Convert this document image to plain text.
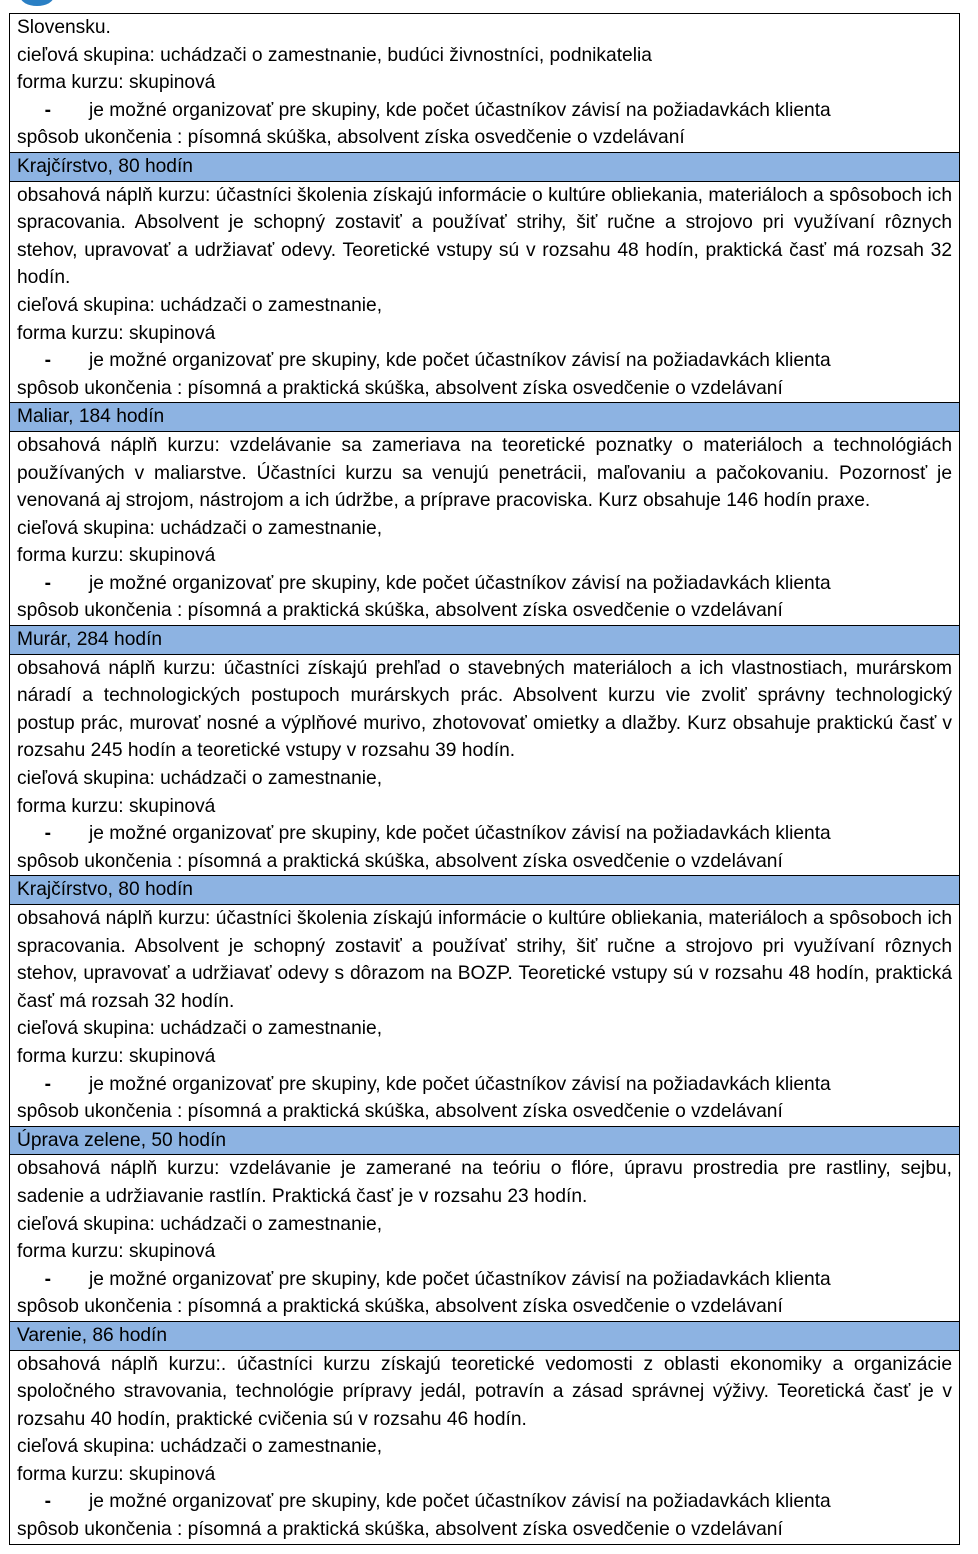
Slovensku.

cieľová skupina: uchádzači o zamestnanie, budúci živnostníci, podnikatelia

forma kurzu: skupinová

- je možné organizovať pre skupiny, kde počet účastníkov závisí na požiadavkách klienta

spôsob ukončenia : písomná skúška, absolvent získa osvedčenie o vzdelávaní

Krajčírstvo, 80 hodín

obsahová náplň kurzu: účastníci školenia získajú informácie o kultúre obliekania, materiáloch a spôsoboch ich spracovania. Absolvent je schopný zostaviť a používať strihy, šiť ručne a strojovo pri využívaní rôznych stehov, upravovať a udržiavať odevy. Teoretické vstupy sú v rozsahu 48 hodín, praktická časť má rozsah 32 hodín.

cieľová skupina: uchádzači o zamestnanie,

forma kurzu: skupinová

- je možné organizovať pre skupiny, kde počet účastníkov závisí na požiadavkách klienta

spôsob ukončenia : písomná a praktická skúška, absolvent získa osvedčenie o vzdelávaní

Maliar, 184 hodín

obsahová náplň kurzu: vzdelávanie sa zameriava na teoretické poznatky o materiáloch a technológiách používaných v maliarstve. Účastníci kurzu sa venujú penetrácii, maľovaniu a pačokovaniu. Pozornosť je venovaná aj strojom, nástrojom a ich údržbe, a príprave pracoviska. Kurz obsahuje 146 hodín praxe.

cieľová skupina: uchádzači o zamestnanie,

forma kurzu: skupinová

- je možné organizovať pre skupiny, kde počet účastníkov závisí na požiadavkách klienta

spôsob ukončenia : písomná a praktická skúška, absolvent získa osvedčenie o vzdelávaní

Murár, 284 hodín

obsahová náplň kurzu: účastníci získajú prehľad o stavebných materiáloch a ich vlastnostiach, murárskom náradí a technologických postupoch murárskych prác. Absolvent kurzu vie zvoliť správny technologický postup prác, murovať nosné a výplňové murivo, zhotovovať omietky a dlažby. Kurz obsahuje praktickú časť v rozsahu 245 hodín a teoretické vstupy v rozsahu 39 hodín.

cieľová skupina: uchádzači o zamestnanie,

forma kurzu: skupinová

- je možné organizovať pre skupiny, kde počet účastníkov závisí na požiadavkách klienta

spôsob ukončenia : písomná a praktická skúška, absolvent získa osvedčenie o vzdelávaní

Krajčírstvo, 80 hodín

obsahová náplň kurzu: účastníci školenia získajú informácie o kultúre obliekania, materiáloch a spôsoboch ich spracovania. Absolvent je schopný zostaviť a používať strihy, šiť ručne a strojovo pri využívaní rôznych stehov, upravovať a udržiavať odevy s dôrazom na BOZP. Teoretické vstupy sú v rozsahu 48 hodín, praktická časť má rozsah 32 hodín.

cieľová skupina: uchádzači o zamestnanie,

forma kurzu: skupinová

- je možné organizovať pre skupiny, kde počet účastníkov závisí na požiadavkách klienta

spôsob ukončenia : písomná a praktická skúška, absolvent získa osvedčenie o vzdelávaní

Úprava zelene, 50 hodín

obsahová náplň kurzu: vzdelávanie je zamerané na teóriu o flóre, úpravu prostredia pre rastliny, sejbu, sadenie a udržiavanie rastlín. Praktická časť je v rozsahu 23 hodín.

cieľová skupina: uchádzači o zamestnanie,

forma kurzu: skupinová

- je možné organizovať pre skupiny, kde počet účastníkov závisí na požiadavkách klienta

spôsob ukončenia : písomná a praktická skúška, absolvent získa osvedčenie o vzdelávaní

Varenie, 86 hodín

obsahová náplň kurzu:. účastníci kurzu získajú teoretické vedomosti z oblasti ekonomiky a organizácie spoločného stravovania, technológie prípravy jedál, potravín a zásad správnej výživy. Teoretická časť je v rozsahu 40 hodín, praktické cvičenia sú v rozsahu 46 hodín.

cieľová skupina: uchádzači o zamestnanie,

forma kurzu: skupinová

- je možné organizovať pre skupiny, kde počet účastníkov závisí na požiadavkách klienta

spôsob ukončenia : písomná a praktická skúška, absolvent získa osvedčenie o vzdelávaní
